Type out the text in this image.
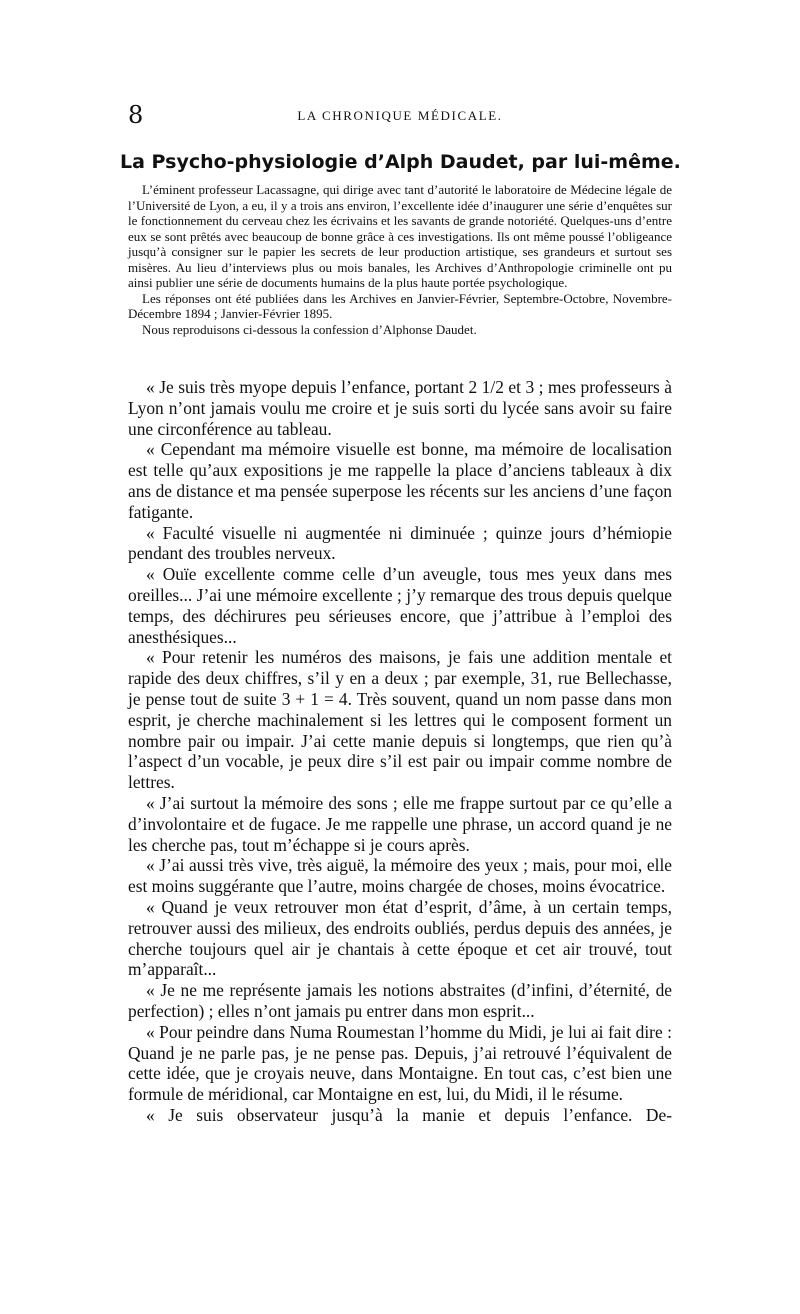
8	LA CHRONIQUE MÉDICALE.
La Psycho-physiologie d’Alph Daudet, par lui-même.

L’éminent professeur Lacassagne, qui dirige avec tant d’autorité le laboratoire de Médecine légale de l’Université de Lyon, a eu, il y a trois ans environ, l’excellente idée d’inaugurer une série d’enquêtes sur le fonctionnement du cerveau chez les écrivains et les savants de grande notoriété. Quelques-uns d’entre eux se sont prêtés avec beaucoup de bonne grâce à ces investigations. Ils ont même poussé l’obligeance jusqu’à consigner sur le papier les secrets de leur production artistique, ses grandeurs et surtout ses misères. Au lieu d’interviews plus ou mois banales, les Archives d’Anthropologie criminelle ont pu ainsi publier une série de documents humains de la plus haute portée psychologique.

Les réponses ont été publiées dans les Archives en Janvier-Février, Septembre-Octobre, Novembre-Décembre 1894 ; Janvier-Février 1895.

Nous reproduisons ci-dessous la confession d’Alphonse Daudet.

« Je suis très myope depuis l’enfance, portant 2 1/2 et 3 ; mes professeurs à Lyon n’ont jamais voulu me croire et je suis sorti du lycée sans avoir su faire une circonférence au tableau.

« Cependant ma mémoire visuelle est bonne, ma mémoire de localisation est telle qu’aux expositions je me rappelle la place d’anciens tableaux à dix ans de distance et ma pensée superpose les récents sur les anciens d’une façon fatigante.

« Faculté visuelle ni augmentée ni diminuée ; quinze jours d’hémiopie pendant des troubles nerveux.

« Ouïe excellente comme celle d’un aveugle, tous mes yeux dans mes oreilles... J’ai une mémoire excellente ; j’y remarque des trous depuis quelque temps, des déchirures peu sérieuses encore, que j’attribue à l’emploi des anesthésiques...

« Pour retenir les numéros des maisons, je fais une addition mentale et rapide des deux chiffres, s’il y en a deux ; par exemple, 31, rue Bellechasse, je pense tout de suite 3 + 1 = 4. Très souvent, quand un nom passe dans mon esprit, je cherche machinalement si les lettres qui le composent forment un nombre pair ou impair. J’ai cette manie depuis si longtemps, que rien qu’à l’aspect d’un vocable, je peux dire s’il est pair ou impair comme nombre de lettres.

« J’ai surtout la mémoire des sons ; elle me frappe surtout par ce qu’elle a d’involontaire et de fugace. Je me rappelle une phrase, un accord quand je ne les cherche pas, tout m’échappe si je cours après.

« J’ai aussi très vive, très aiguë, la mémoire des yeux ; mais, pour moi, elle est moins suggérante que l’autre, moins chargée de choses, moins évocatrice.

« Quand je veux retrouver mon état d’esprit, d’âme, à un certain temps, retrouver aussi des milieux, des endroits oubliés, perdus depuis des années, je cherche toujours quel air je chantais à cette époque et cet air trouvé, tout m’apparaît...

« Je ne me représente jamais les notions abstraites (d’infini, d’éternité, de perfection) ; elles n’ont jamais pu entrer dans mon esprit...

« Pour peindre dans Numa Roumestan l’homme du Midi, je lui ai fait dire : Quand je ne parle pas, je ne pense pas. Depuis, j’ai retrouvé l’équivalent de cette idée, que je croyais neuve, dans Montaigne. En tout cas, c’est bien une formule de méridional, car Montaigne en est, lui, du Midi, il le résume.

« Je suis observateur jusqu’à la manie et depuis l’enfance. De-
